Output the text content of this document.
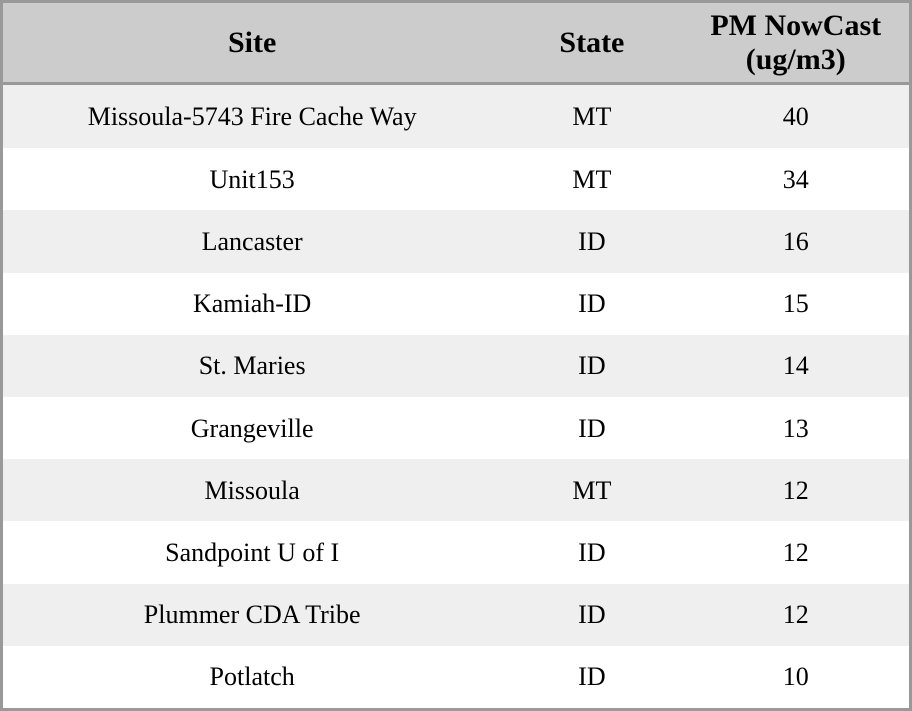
Site	State	PM NowCast (ug/m3)
Missoula-5743 Fire Cache Way	MT	40
Unit153	MT	34
Lancaster	ID	16
Kamiah-ID	ID	15
St. Maries	ID	14
Grangeville	ID	13
Missoula	MT	12
Sandpoint U of I	ID	12
Plummer CDA Tribe	ID	12
Potlatch	ID	10
